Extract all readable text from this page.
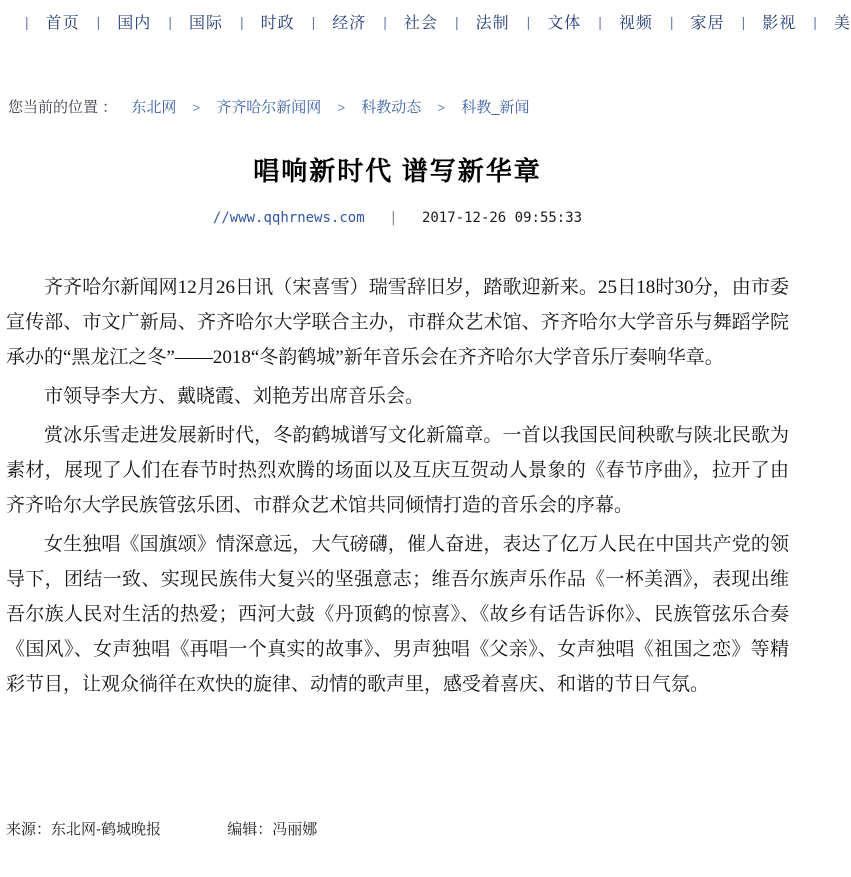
| 首页 | 国内 | 国际 | 时政 | 经济 | 社会 | 法制 | 文体 | 视频 | 家居 | 影视 | 美
您当前的位置 ： 东北网 > 齐齐哈尔新闻网 > 科教动态 > 科教_新闻
唱响新时代 谱写新华章
//www.qqhrnews.com | 2017-12-26 09:55:33

齐齐哈尔新闻网12月26日讯（宋喜雪）瑞雪辞旧岁，踏歌迎新来。25日18时30分，由市委宣传部、市文广新局、齐齐哈尔大学联合主办，市群众艺术馆、齐齐哈尔大学音乐与舞蹈学院承办的“黑龙江之冬”——2018“冬韵鹤城”新年音乐会在齐齐哈尔大学音乐厅奏响华章。

市领导李大方、戴晓霞、刘艳芳出席音乐会。

赏冰乐雪走进发展新时代，冬韵鹤城谱写文化新篇章。一首以我国民间秧歌与陕北民歌为素材，展现了人们在春节时热烈欢腾的场面以及互庆互贺动人景象的《春节序曲》，拉开了由齐齐哈尔大学民族管弦乐团、市群众艺术馆共同倾情打造的音乐会的序幕。

女生独唱《国旗颂》情深意远，大气磅礴，催人奋进，表达了亿万人民在中国共产党的领导下，团结一致、实现民族伟大复兴的坚强意志；维吾尔族声乐作品《一杯美酒》，表现出维吾尔族人民对生活的热爱；西河大鼓《丹顶鹤的惊喜》、《故乡有话告诉你》、民族管弦乐合奏《国风》、女声独唱《再唱一个真实的故事》、男声独唱《父亲》、女声独唱《祖国之恋》等精彩节目，让观众徜徉在欢快的旋律、动情的歌声里，感受着喜庆、和谐的节日气氛。

来源：东北网-鹤城晚报	编辑：冯丽娜
